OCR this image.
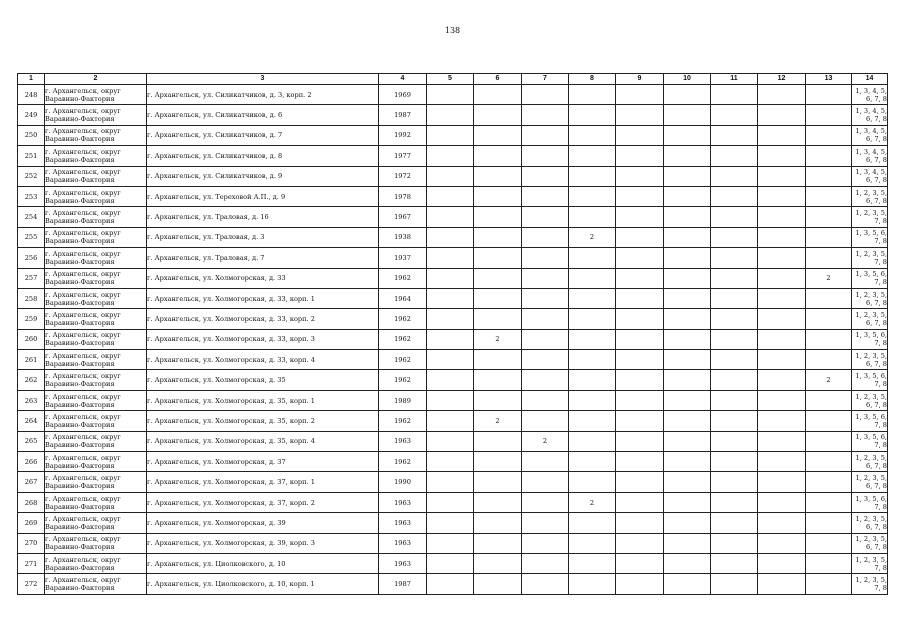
138
1	2	3	4	5	6	7	8	9	10	11	12	13	14
248	г. Архангельск, округ Варавино-Фактория	г. Архангельск, ул. Силикатчиков, д. 3, корп. 2	1969										1, 3, 4, 5, 6, 7, 8
249	г. Архангельск, округ Варавино-Фактория	г. Архангельск, ул. Силикатчиков, д. 6	1987										1, 3, 4, 5, 6, 7, 8
250	г. Архангельск, округ Варавино-Фактория	г. Архангельск, ул. Силикатчиков, д. 7	1992										1, 3, 4, 5, 6, 7, 8
251	г. Архангельск, округ Варавино-Фактория	г. Архангельск, ул. Силикатчиков, д. 8	1977										1, 3, 4, 5, 6, 7, 8
252	г. Архангельск, округ Варавино-Фактория	г. Архангельск, ул. Силикатчиков, д. 9	1972										1, 3, 4, 5, 6, 7, 8
253	г. Архангельск, округ Варавино-Фактория	г. Архангельск, ул. Тереховой А.П., д. 9	1978										1, 2, 3, 5, 6, 7, 8
254	г. Архангельск, округ Варавино-Фактория	г. Архангельск, ул. Траловая, д. 16	1967										1, 2, 3, 5, 7, 8
255	г. Архангельск, округ Варавино-Фактория	г. Архангельск, ул. Траловая, д. 3	1938				2						1, 3, 5, 6, 7, 8
256	г. Архангельск, округ Варавино-Фактория	г. Архангельск, ул. Траловая, д. 7	1937										1, 2, 3, 5, 7, 8
257	г. Архангельск, округ Варавино-Фактория	г. Архангельск, ул. Холмогорская, д. 33	1962									2	1, 3, 5, 6, 7, 8
258	г. Архангельск, округ Варавино-Фактория	г. Архангельск, ул. Холмогорская, д. 33, корп. 1	1964										1, 2, 3, 5, 6, 7, 8
259	г. Архангельск, округ Варавино-Фактория	г. Архангельск, ул. Холмогорская, д. 33, корп. 2	1962										1, 2, 3, 5, 6, 7, 8
260	г. Архангельск, округ Варавино-Фактория	г. Архангельск, ул. Холмогорская, д. 33, корп. 3	1962		2								1, 3, 5, 6, 7, 8
261	г. Архангельск, округ Варавино-Фактория	г. Архангельск, ул. Холмогорская, д. 33, корп. 4	1962										1, 2, 3, 5, 6, 7, 8
262	г. Архангельск, округ Варавино-Фактория	г. Архангельск, ул. Холмогорская, д. 35	1962									2	1, 3, 5, 6, 7, 8
263	г. Архангельск, округ Варавино-Фактория	г. Архангельск, ул. Холмогорская, д. 35, корп. 1	1989										1, 2, 3, 5, 6, 7, 8
264	г. Архангельск, округ Варавино-Фактория	г. Архангельск, ул. Холмогорская, д. 35, корп. 2	1962		2								1, 3, 5, 6, 7, 8
265	г. Архангельск, округ Варавино-Фактория	г. Архангельск, ул. Холмогорская, д. 35, корп. 4	1963			2							1, 3, 5, 6, 7, 8
266	г. Архангельск, округ Варавино-Фактория	г. Архангельск, ул. Холмогорская, д. 37	1962										1, 2, 3, 5, 6, 7, 8
267	г. Архангельск, округ Варавино-Фактория	г. Архангельск, ул. Холмогорская, д. 37, корп. 1	1990										1, 2, 3, 5, 6, 7, 8
268	г. Архангельск, округ Варавино-Фактория	г. Архангельск, ул. Холмогорская, д. 37, корп. 2	1963				2						1, 3, 5, 6, 7, 8
269	г. Архангельск, округ Варавино-Фактория	г. Архангельск, ул. Холмогорская, д. 39	1963										1, 2, 3, 5, 6, 7, 8
270	г. Архангельск, округ Варавино-Фактория	г. Архангельск, ул. Холмогорская, д. 39, корп. 3	1963										1, 2, 3, 5, 6, 7, 8
271	г. Архангельск, округ Варавино-Фактория	г. Архангельск, ул. Циолковского, д. 10	1963										1, 2, 3, 5, 7, 8
272	г. Архангельск, округ Варавино-Фактория	г. Архангельск, ул. Циолковского, д. 10, корп. 1	1987										1, 2, 3, 5, 7, 8
